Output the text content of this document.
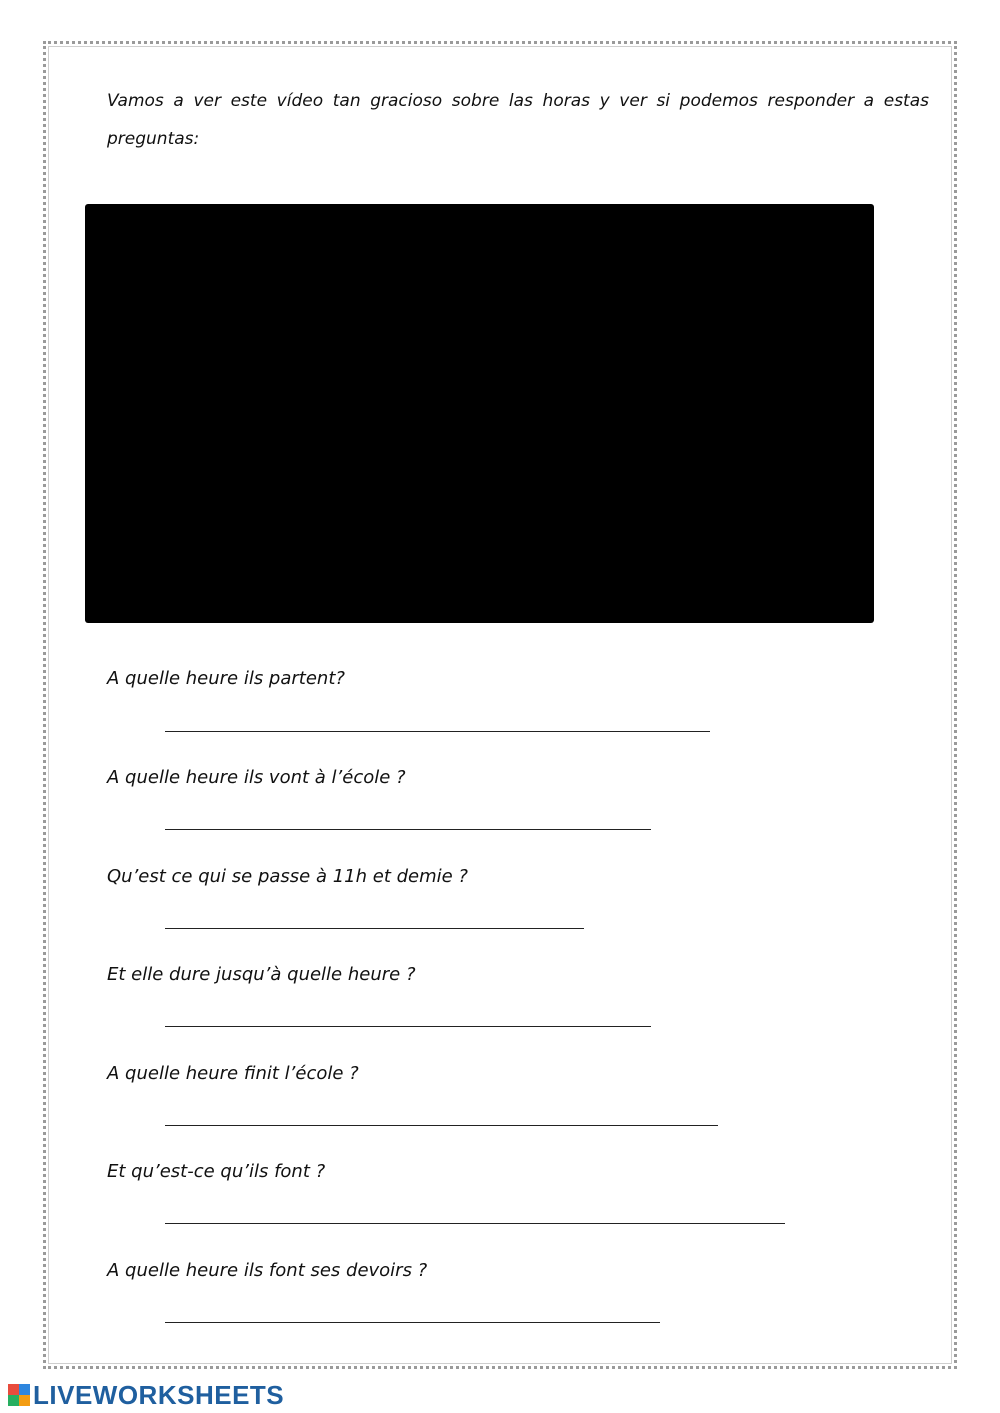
Vamos a ver este vídeo tan gracioso sobre las horas y ver si podemos responder a estas preguntas:

A quelle heure ils partent?

A quelle heure ils vont à l’école ?

Qu’est ce qui se passe à 11h et demie ?

Et elle dure jusqu’à quelle heure ?

A quelle heure finit l’école ?

Et qu’est-ce qu’ils font ?

A quelle heure ils font ses devoirs ?

LIVEWORKSHEETS
